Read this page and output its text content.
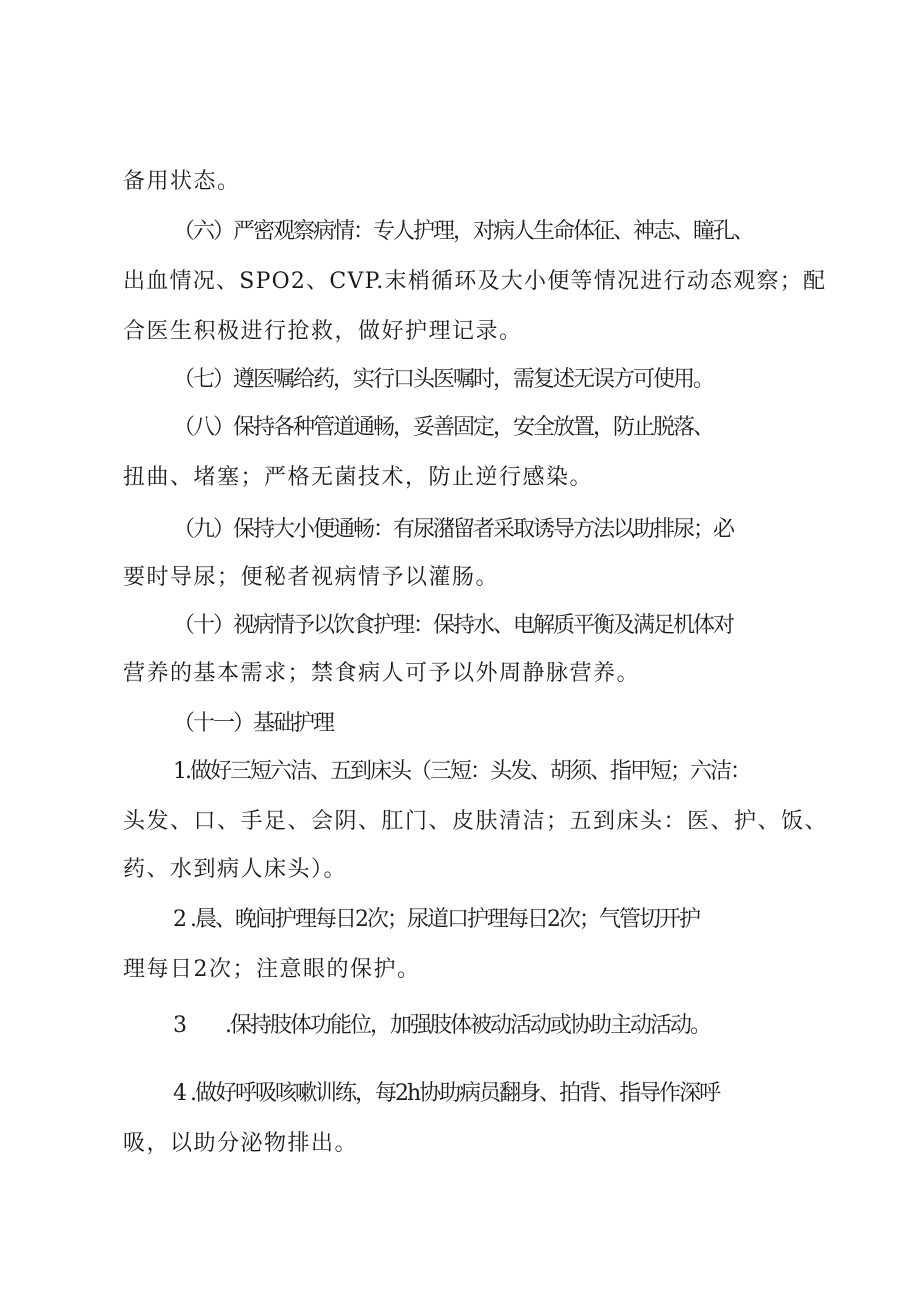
备用状态。
（六）严密观察病情：专人护理，对病人生命体征、神志、瞳孔、
出血情况、SPO2、CVP.末梢循环及大小便等情况进行动态观察；配
合医生积极进行抢救，做好护理记录。
（七）遵医嘱给药，实行口头医嘱时，需复述无误方可使用。
（八）保持各种管道通畅，妥善固定，安全放置，防止脱落、
扭曲、堵塞；严格无菌技术，防止逆行感染。
（九）保持大小便通畅：有尿潴留者采取诱导方法以助排尿；必
要时导尿；便秘者视病情予以灌肠。
（十）视病情予以饮食护理：保持水、电解质平衡及满足机体对
营养的基本需求；禁食病人可予以外周静脉营养。
（十一）基础护理
1.做好三短六洁、五到床头（三短：头发、胡须、指甲短；六洁：
头发、口、手足、会阴、肛门、皮肤清洁；五到床头：医、护、饭、
药、水到病人床头）。
2 .晨、晚间护理每日2次；尿道口护理每日2次；气管切开护
理每日2次；注意眼的保护。
3　　.保持肢体功能位，加强肢体被动活动或协助主动活动。
4 .做好呼吸咳嗽训练，每2h协助病员翻身、拍背、指导作深呼
吸，以助分泌物排出。
